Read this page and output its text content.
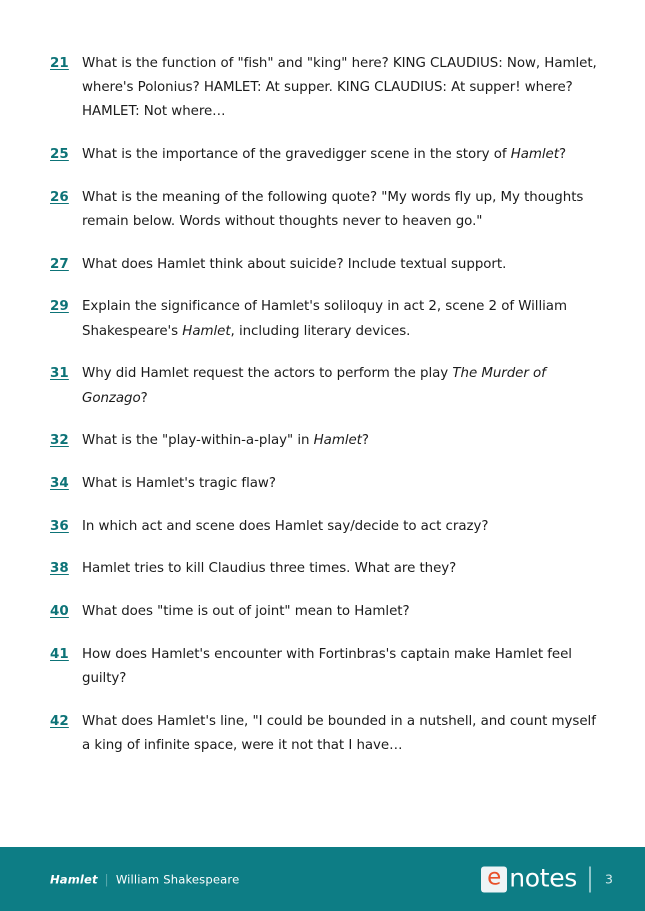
21 What is the function of "fish" and "king" here? KING CLAUDIUS: Now, Hamlet, where's Polonius? HAMLET: At supper. KING CLAUDIUS: At supper! where? HAMLET: Not where…
25 What is the importance of the gravedigger scene in the story of Hamlet?
26 What is the meaning of the following quote? "My words fly up, My thoughts remain below. Words without thoughts never to heaven go."
27 What does Hamlet think about suicide? Include textual support.
29 Explain the significance of Hamlet's soliloquy in act 2, scene 2 of William Shakespeare's Hamlet, including literary devices.
31 Why did Hamlet request the actors to perform the play The Murder of Gonzago?
32 What is the "play-within-a-play" in Hamlet?
34 What is Hamlet's tragic flaw?
36 In which act and scene does Hamlet say/decide to act crazy?
38 Hamlet tries to kill Claudius three times. What are they?
40 What does "time is out of joint" mean to Hamlet?
41 How does Hamlet's encounter with Fortinbras's captain make Hamlet feel guilty?
42 What does Hamlet's line, "I could be bounded in a nutshell, and count myself a king of infinite space, were it not that I have…
Hamlet | William Shakespeare	e notes 3
